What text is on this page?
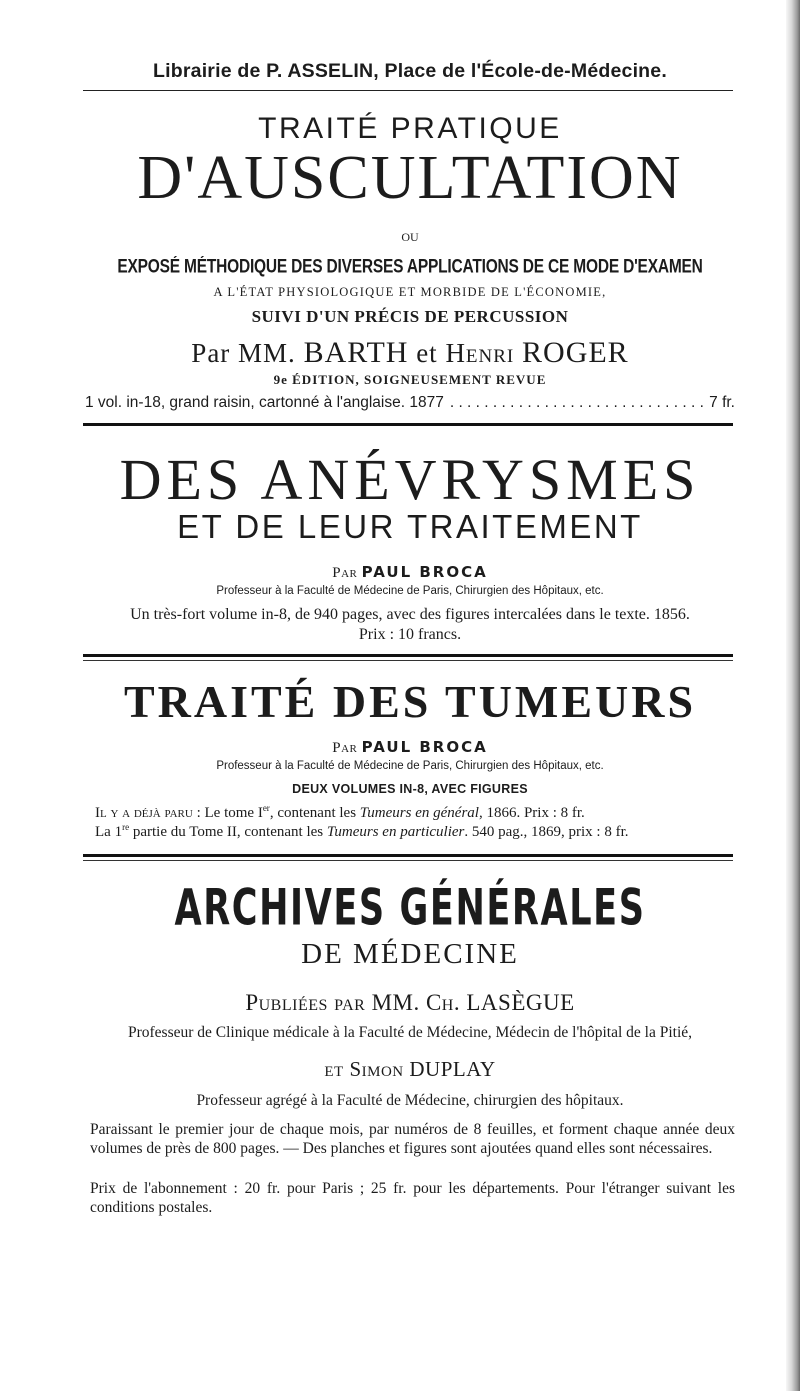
Librairie de P. ASSELIN, Place de l'École-de-Médecine.
TRAITÉ PRATIQUE
D'AUSCULTATION
OU
EXPOSÉ MÉTHODIQUE DES DIVERSES APPLICATIONS DE CE MODE D'EXAMEN
A L'ÉTAT PHYSIOLOGIQUE ET MORBIDE DE L'ÉCONOMIE,
SUIVI D'UN PRÉCIS DE PERCUSSION
Par MM. BARTH et Henri ROGER
9e ÉDITION, SOIGNEUSEMENT REVUE
1 vol. in-18, grand raisin, cartonné à l'anglaise. 1877
. . .	7 fr.
DES ANÉVRYSMES
ET DE LEUR TRAITEMENT
Par PAUL BROCA
Professeur à la Faculté de Médecine de Paris, Chirurgien des Hôpitaux, etc.
Un très-fort volume in-8, de 940 pages, avec des figures intercalées dans le texte. 1856.
Prix : 10 francs.
TRAITÉ DES TUMEURS
Par PAUL BROCA
Professeur à la Faculté de Médecine de Paris, Chirurgien des Hôpitaux, etc.
DEUX VOLUMES IN-8, AVEC FIGURES
Il y a déjà paru : Le tome Ier, contenant les Tumeurs en général, 1866. Prix : 8 fr.
La 1re partie du Tome II, contenant les Tumeurs en particulier. 540 pag., 1869, prix : 8 fr.
ARCHIVES GÉNÉRALES
DE MÉDECINE
Publiées par MM. Ch. LASÈGUE
Professeur de Clinique médicale à la Faculté de Médecine, Médecin de l'hôpital de la Pitié,
et Simon DUPLAY
Professeur agrégé à la Faculté de Médecine, chirurgien des hôpitaux.
Paraissant le premier jour de chaque mois, par numéros de 8 feuilles, et forment chaque année deux volumes de près de 800 pages. — Des planches et figures sont ajoutées quand elles sont nécessaires.
Prix de l'abonnement : 20 fr. pour Paris ; 25 fr. pour les départements. Pour l'étranger suivant les conditions postales.
